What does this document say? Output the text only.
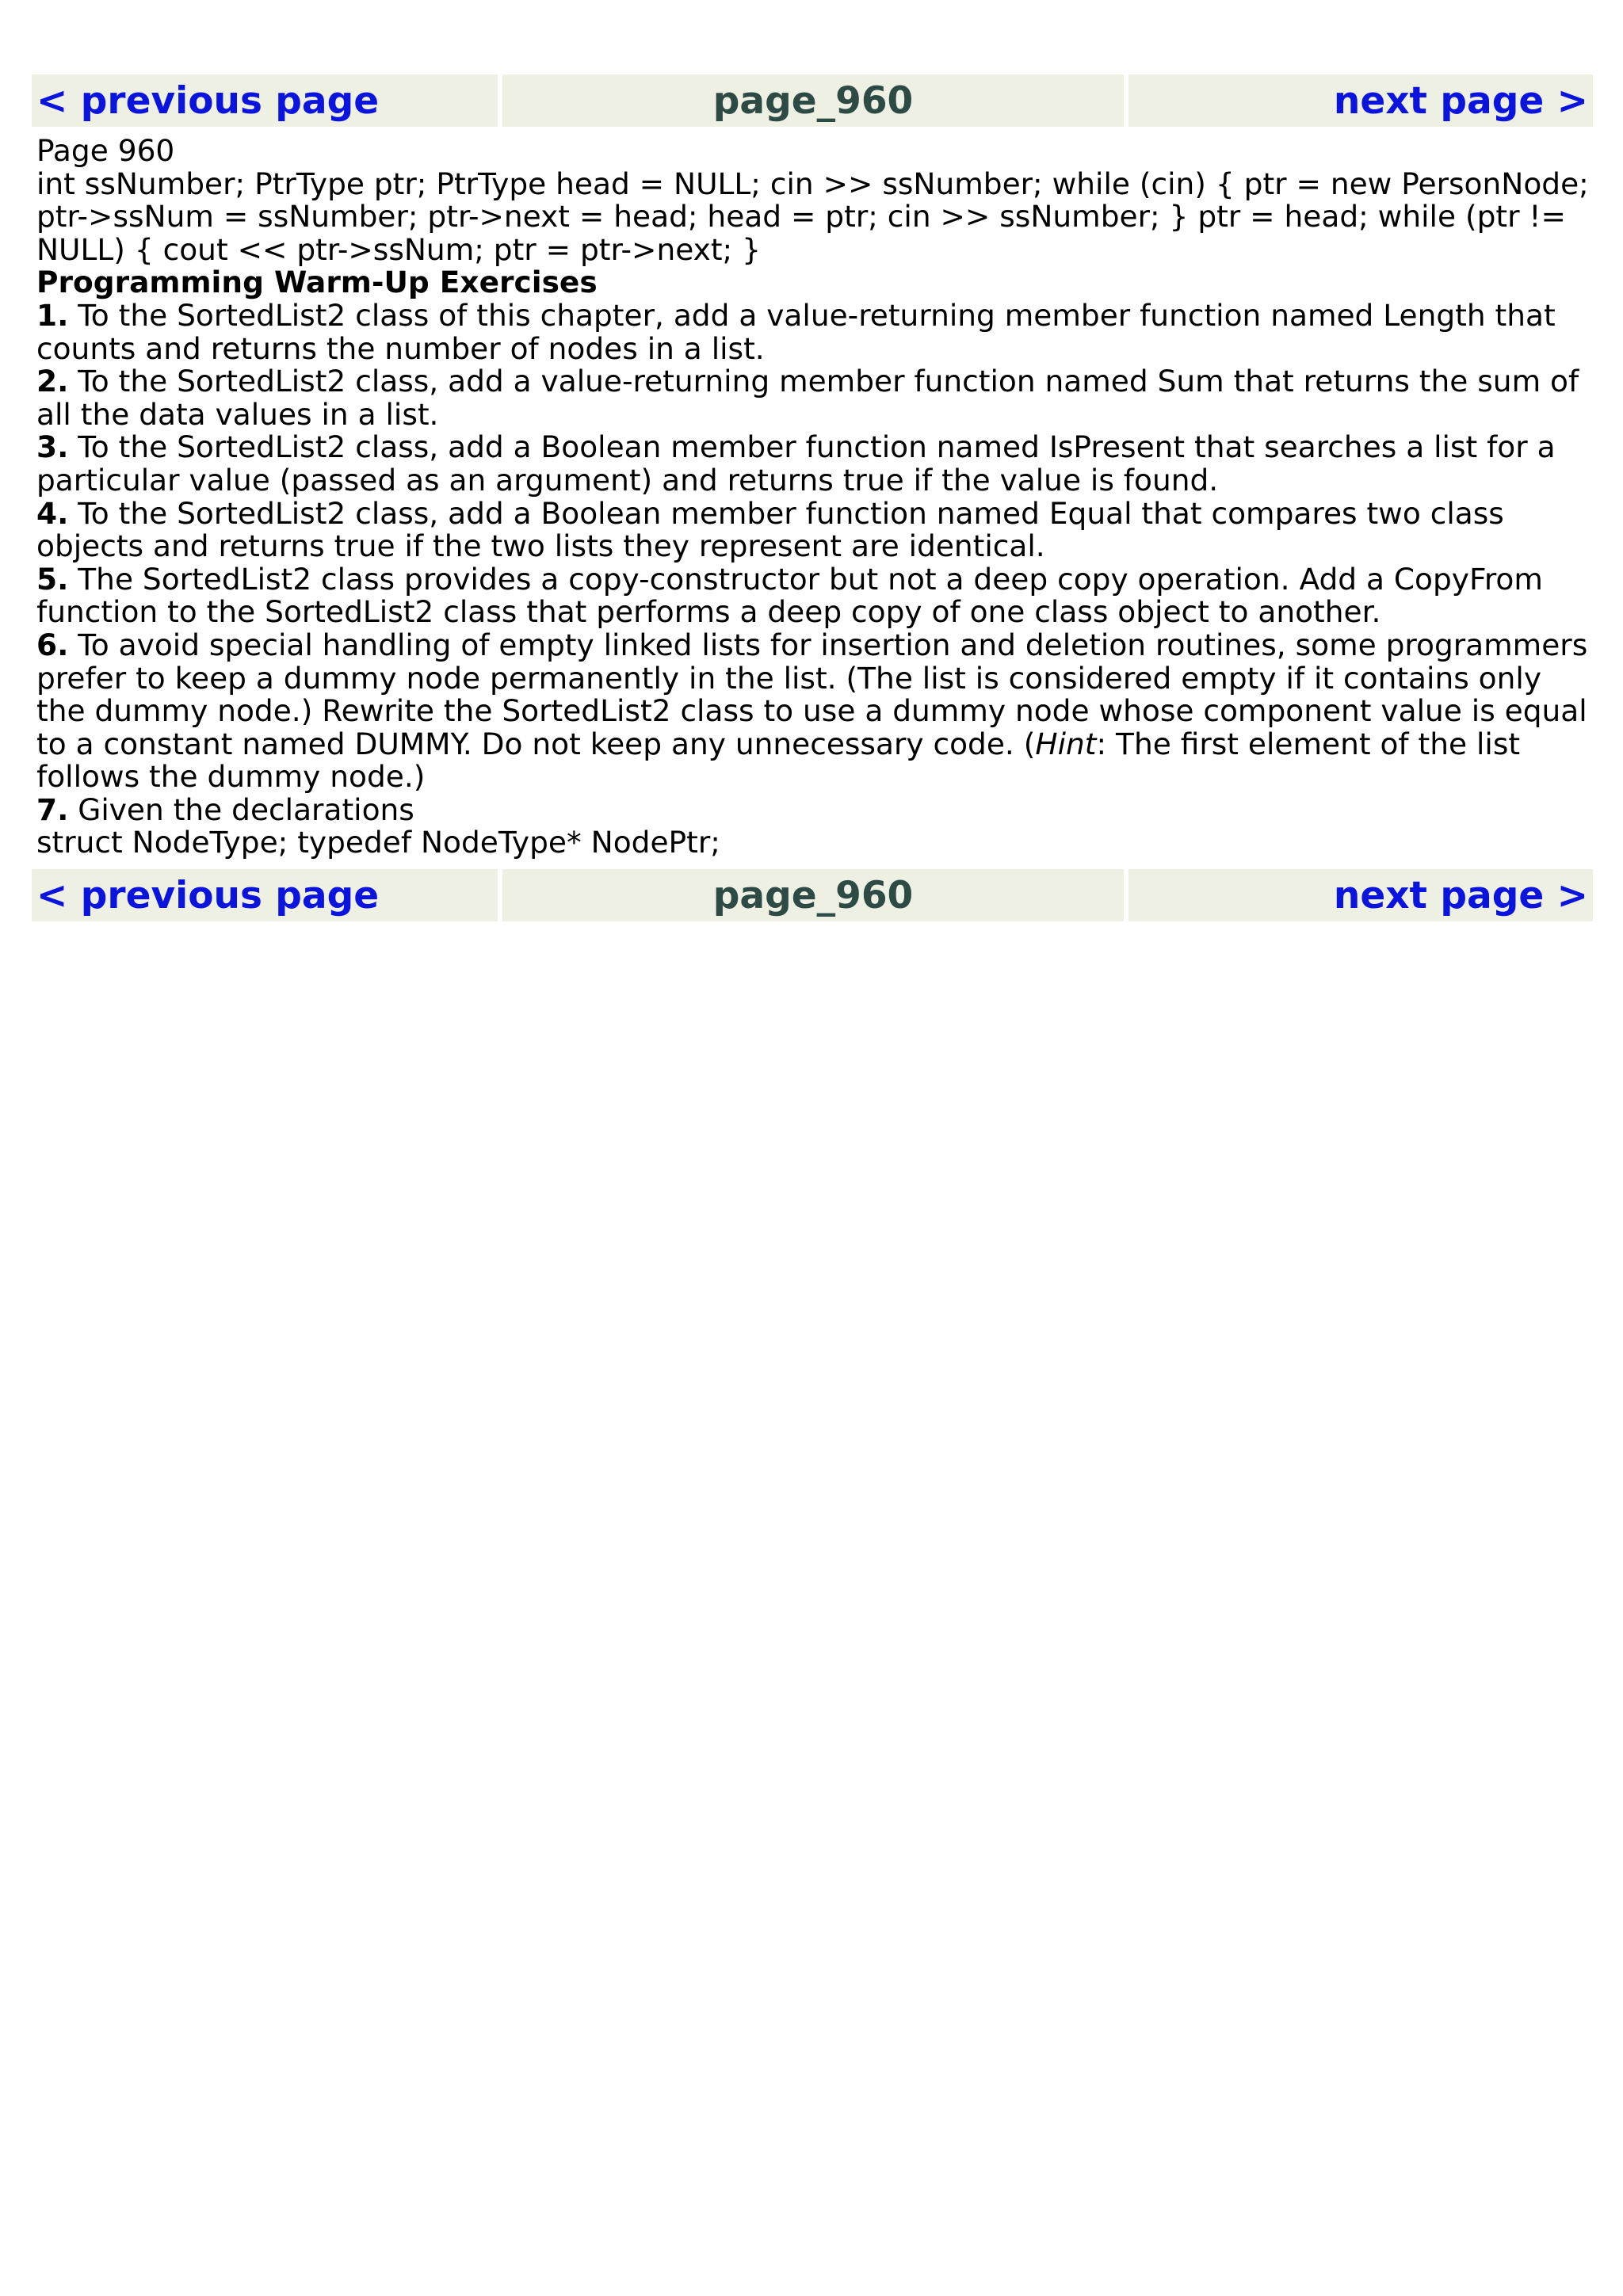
< previous page	page_960	next page >

Page 960

int ssNumber; PtrType ptr; PtrType head = NULL; cin >> ssNumber; while (cin) { ptr = new PersonNode; ptr->ssNum = ssNumber; ptr->next = head; head = ptr; cin >> ssNumber; } ptr = head; while (ptr != NULL) { cout << ptr->ssNum; ptr = ptr->next; }

Programming Warm-Up Exercises

1. To the SortedList2 class of this chapter, add a value-returning member function named Length that counts and returns the number of nodes in a list.

2. To the SortedList2 class, add a value-returning member function named Sum that returns the sum of all the data values in a list.

3. To the SortedList2 class, add a Boolean member function named IsPresent that searches a list for a particular value (passed as an argument) and returns true if the value is found.

4. To the SortedList2 class, add a Boolean member function named Equal that compares two class objects and returns true if the two lists they represent are identical.

5. The SortedList2 class provides a copy-constructor but not a deep copy operation. Add a CopyFrom function to the SortedList2 class that performs a deep copy of one class object to another.

6. To avoid special handling of empty linked lists for insertion and deletion routines, some programmers prefer to keep a dummy node permanently in the list. (The list is considered empty if it contains only the dummy node.) Rewrite the SortedList2 class to use a dummy node whose component value is equal to a constant named DUMMY. Do not keep any unnecessary code. (Hint: The first element of the list follows the dummy node.)

7. Given the declarations

struct NodeType; typedef NodeType* NodePtr;

< previous page	page_960	next page >
